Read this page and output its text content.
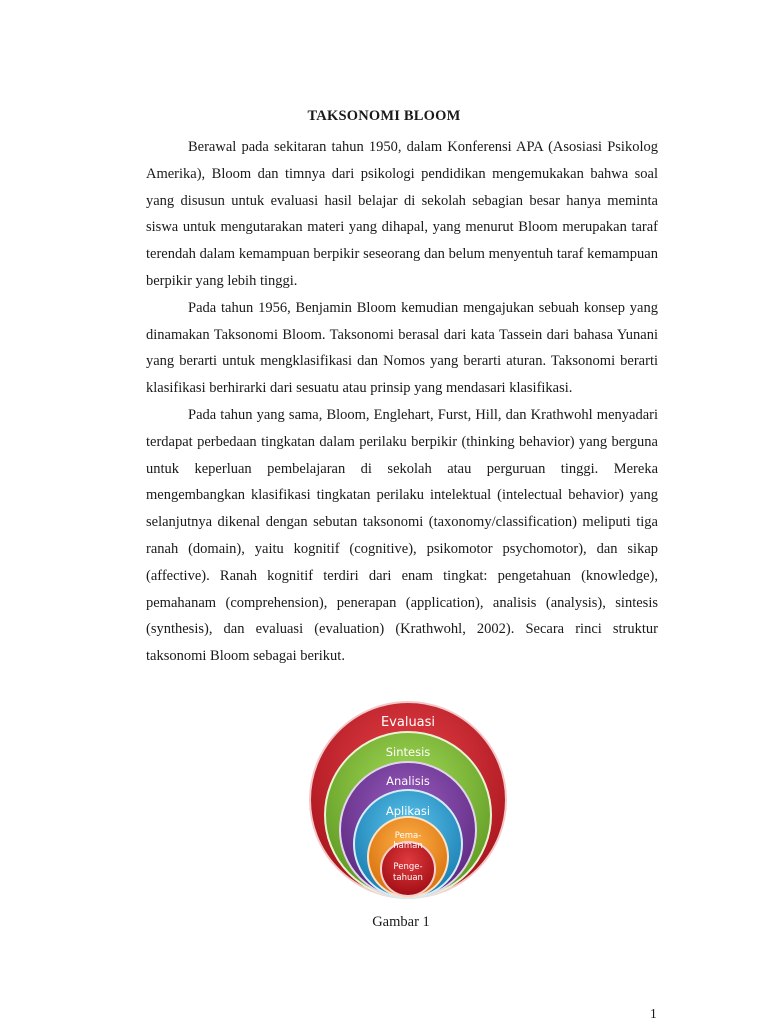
TAKSONOMI BLOOM

Berawal pada sekitaran tahun 1950, dalam Konferensi APA (Asosiasi Psikolog Amerika), Bloom dan timnya dari psikologi pendidikan mengemukakan bahwa soal yang disusun untuk evaluasi hasil belajar di sekolah sebagian besar hanya meminta siswa untuk mengutarakan materi yang dihapal, yang menurut Bloom merupakan taraf terendah dalam kemampuan berpikir seseorang dan belum menyentuh taraf kemampuan berpikir yang lebih tinggi.

Pada tahun 1956, Benjamin Bloom kemudian mengajukan sebuah konsep yang dinamakan Taksonomi Bloom. Taksonomi berasal dari kata Tassein dari bahasa Yunani yang berarti untuk mengklasifikasi dan Nomos yang berarti aturan. Taksonomi berarti klasifikasi berhirarki dari sesuatu atau prinsip yang mendasari klasifikasi.

Pada tahun yang sama, Bloom, Englehart, Furst, Hill, dan Krathwohl menyadari terdapat perbedaan tingkatan dalam perilaku berpikir (thinking behavior) yang berguna untuk keperluan pembelajaran di sekolah atau perguruan tinggi. Mereka mengembangkan klasifikasi tingkatan perilaku intelektual (intelectual behavior) yang selanjutnya dikenal dengan sebutan taksonomi (taxonomy/classification) meliputi tiga ranah (domain), yaitu kognitif (cognitive), psikomotor psychomotor), dan sikap (affective). Ranah kognitif terdiri dari enam tingkat: pengetahuan (knowledge), pemahanam (comprehension), penerapan (application), analisis (analysis), sintesis (synthesis), dan evaluasi (evaluation) (Krathwohl, 2002). Secara rinci struktur taksonomi Bloom sebagai berikut.

Evaluasi
Sintesis
Analisis
Aplikasi
Pema-
haman
Penge-
tahuan
Gambar 1
1
